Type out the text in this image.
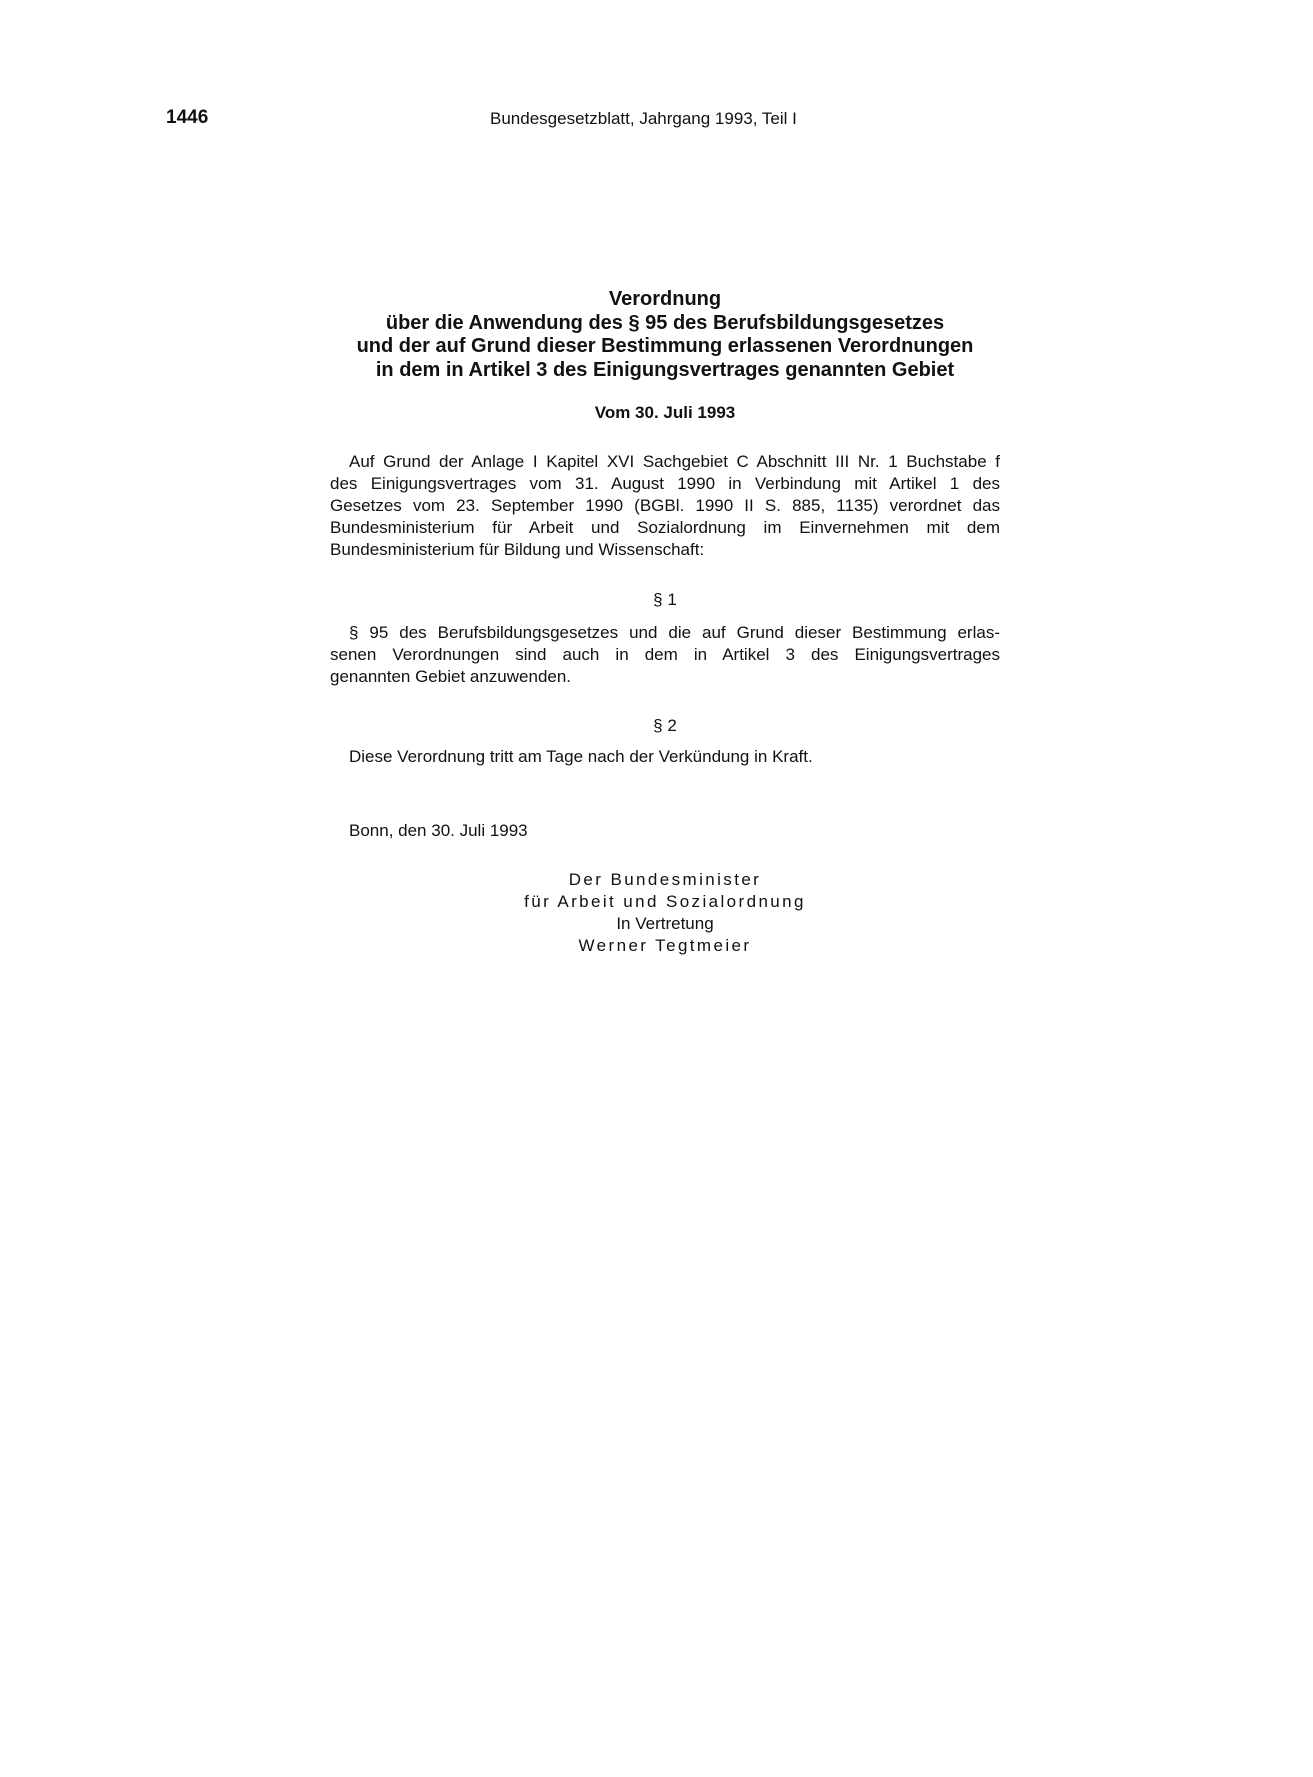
1446	Bundesgesetzblatt, Jahrgang 1993, Teil I
Verordnung
über die Anwendung des § 95 des Berufsbildungsgesetzes
und der auf Grund dieser Bestimmung erlassenen Verordnungen
in dem in Artikel 3 des Einigungsvertrages genannten Gebiet
Vom 30. Juli 1993
Auf Grund der Anlage I Kapitel XVI Sachgebiet C Abschnitt III Nr. 1 Buchstabe f
des Einigungsvertrages vom 31. August 1990 in Verbindung mit Artikel 1 des
Gesetzes vom 23. September 1990 (BGBl. 1990 II S. 885, 1135) verordnet das
Bundesministerium für Arbeit und Sozialordnung im Einvernehmen mit dem
Bundesministerium für Bildung und Wissenschaft:
§ 1
§ 95 des Berufsbildungsgesetzes und die auf Grund dieser Bestimmung erlas-
senen Verordnungen sind auch in dem in Artikel 3 des Einigungsvertrages
genannten Gebiet anzuwenden.
§ 2
Diese Verordnung tritt am Tage nach der Verkündung in Kraft.
Bonn, den 30. Juli 1993
Der Bundesminister
für Arbeit und Sozialordnung
In Vertretung
Werner Tegtmeier
